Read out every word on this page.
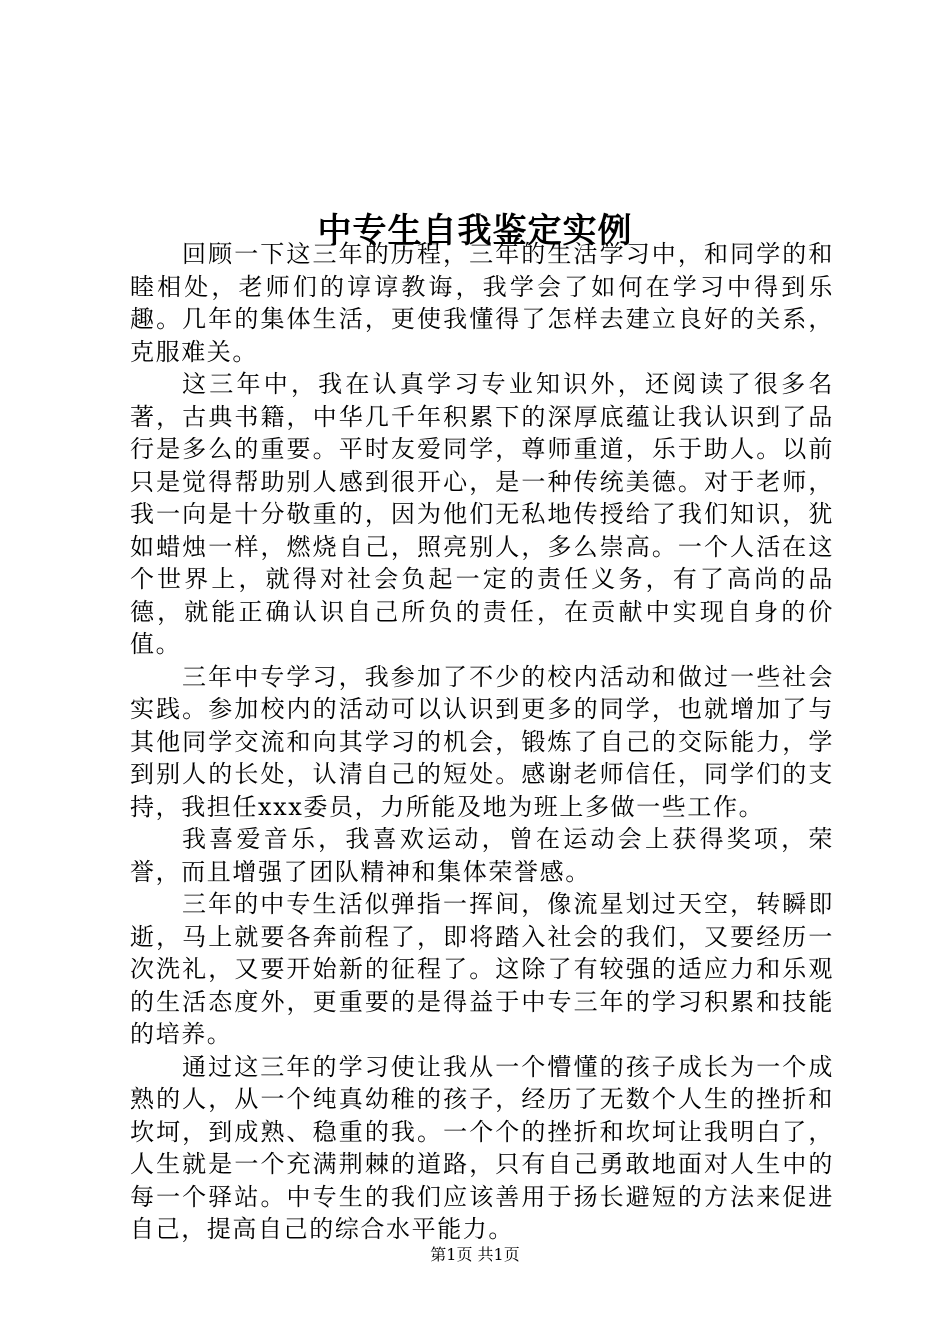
中专生自我鉴定实例

回顾一下这三年的历程，三年的生活学习中，和同学的和睦相处，老师们的谆谆教诲，我学会了如何在学习中得到乐趣。几年的集体生活，更使我懂得了怎样去建立良好的关系，克服难关。

这三年中，我在认真学习专业知识外，还阅读了很多名著，古典书籍，中华几千年积累下的深厚底蕴让我认识到了品行是多么的重要。平时友爱同学，尊师重道，乐于助人。以前只是觉得帮助别人感到很开心，是一种传统美德。对于老师，我一向是十分敬重的，因为他们无私地传授给了我们知识，犹如蜡烛一样，燃烧自己，照亮别人，多么崇高。一个人活在这个世界上，就得对社会负起一定的责任义务，有了高尚的品德，就能正确认识自己所负的责任，在贡献中实现自身的价值。

三年中专学习，我参加了不少的校内活动和做过一些社会实践。参加校内的活动可以认识到更多的同学，也就增加了与其他同学交流和向其学习的机会，锻炼了自己的交际能力，学到别人的长处，认清自己的短处。感谢老师信任，同学们的支持，我担任xxx委员，力所能及地为班上多做一些工作。

我喜爱音乐，我喜欢运动，曾在运动会上获得奖项，荣誉，而且增强了团队精神和集体荣誉感。

三年的中专生活似弹指一挥间，像流星划过天空，转瞬即逝，马上就要各奔前程了，即将踏入社会的我们，又要经历一次洗礼，又要开始新的征程了。这除了有较强的适应力和乐观的生活态度外，更重要的是得益于中专三年的学习积累和技能的培养。

通过这三年的学习使让我从一个懵懂的孩子成长为一个成熟的人，从一个纯真幼稚的孩子，经历了无数个人生的挫折和坎坷，到成熟、稳重的我。一个个的挫折和坎坷让我明白了，人生就是一个充满荆棘的道路，只有自己勇敢地面对人生中的每一个驿站。中专生的我们应该善用于扬长避短的方法来促进自己，提高自己的综合水平能力。

第1页 共1页
